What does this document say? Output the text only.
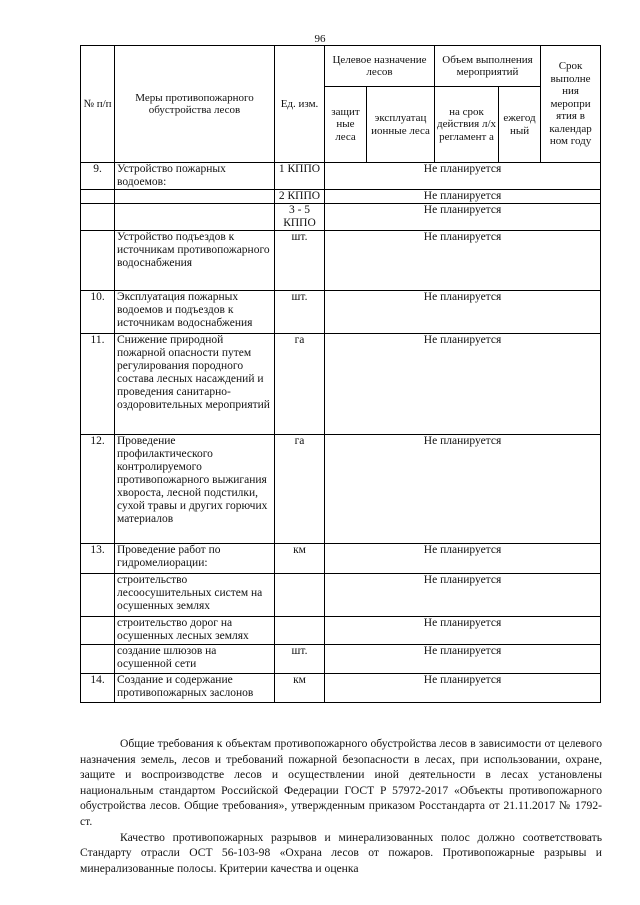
96
№ п/п	Меры противопожарного обустройства лесов	Ед. изм.	Целевое назначение лесов		Объем выполнения мероприятий		Срок выполне ния меропри ятия в календар ном году
			защит ные леса	эксплуатац ионные леса	на срок действия л/х регламент а	ежегод ный	

9.	Устройство пожарных водоемов:	1 КППО	Не планируется				
		2 КППО	Не планируется				
		3 - 5 КППО	Не планируется				
	Устройство подъездов к источникам противопожарного водоснабжения	шт.	Не планируется				
10.	Эксплуатация пожарных водоемов и подъездов к источникам водоснабжения	шт.	Не планируется				
11.	Снижение природной пожарной опасности путем регулирования породного состава лесных насаждений и проведения санитарно-оздоровительных мероприятий	га	Не планируется				
12.	Проведение профилактического контролируемого противопожарного выжигания хвороста, лесной подстилки, сухой травы и других горючих материалов	га	Не планируется				
13.	Проведение работ по гидромелиорации:	км	Не планируется				
	строительство лесоосушительных систем на осушенных землях		Не планируется				
	строительство дорог на осушенных лесных землях		Не планируется				
	создание шлюзов на осушенной сети	шт.	Не планируется				
14.	Создание и содержание противопожарных заслонов	км	Не планируется				

Общие требования к объектам противопожарного обустройства лесов в зависимости от целевого назначения земель, лесов и требований пожарной безопасности в лесах, при использовании, охране, защите и воспроизводстве лесов и осуществлении иной деятельности в лесах установлены национальным стандартом Российской Федерации ГОСТ Р 57972-2017 «Объекты противопожарного обустройства лесов. Общие требования», утвержденным приказом Росстандарта от 21.11.2017 № 1792-ст.

Качество противопожарных разрывов и минерализованных полос должно соответствовать Стандарту отрасли ОСТ 56-103-98 «Охрана лесов от пожаров. Противопожарные разрывы и минерализованные полосы. Критерии качества и оценка
